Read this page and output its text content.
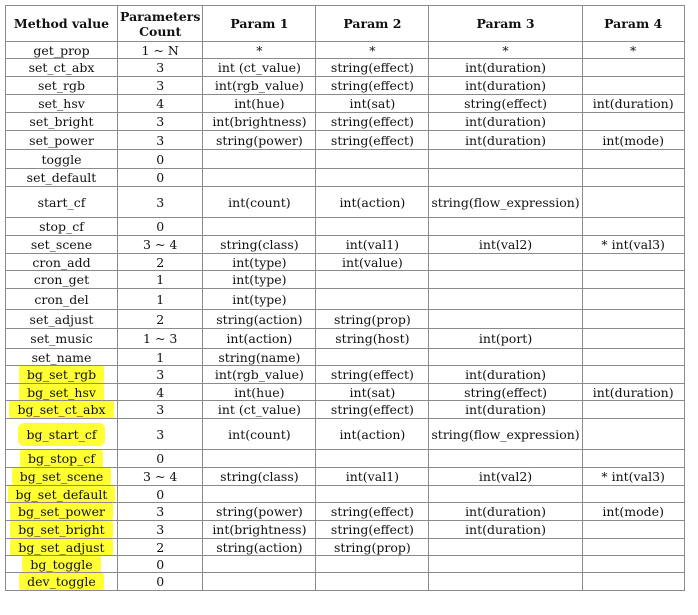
Method value	Parameters Count	Param 1	Param 2	Param 3	Param 4
get_prop	1 ~ N	*	*	*	*
set_ct_abx	3	int (ct_value)	string(effect)	int(duration)	
set_rgb	3	int(rgb_value)	string(effect)	int(duration)	
set_hsv	4	int(hue)	int(sat)	string(effect)	int(duration)
set_bright	3	int(brightness)	string(effect)	int(duration)	
set_power	3	string(power)	string(effect)	int(duration)	int(mode)
toggle	0				
set_default	0				
start_cf	3	int(count)	int(action)	string(flow_expression)	
stop_cf	0				
set_scene	3 ~ 4	string(class)	int(val1)	int(val2)	* int(val3)
cron_add	2	int(type)	int(value)		
cron_get	1	int(type)			
cron_del	1	int(type)			
set_adjust	2	string(action)	string(prop)		
set_music	1 ~ 3	int(action)	string(host)	int(port)	
set_name	1	string(name)			
bg_set_rgb	3	int(rgb_value)	string(effect)	int(duration)	
bg_set_hsv	4	int(hue)	int(sat)	string(effect)	int(duration)
bg_set_ct_abx	3	int (ct_value)	string(effect)	int(duration)	
bg_start_cf	3	int(count)	int(action)	string(flow_expression)	
bg_stop_cf	0				
bg_set_scene	3 ~ 4	string(class)	int(val1)	int(val2)	* int(val3)
bg_set_default	0				
bg_set_power	3	string(power)	string(effect)	int(duration)	int(mode)
bg_set_bright	3	int(brightness)	string(effect)	int(duration)	
bg_set_adjust	2	string(action)	string(prop)		
bg_toggle	0				
dev_toggle	0				
